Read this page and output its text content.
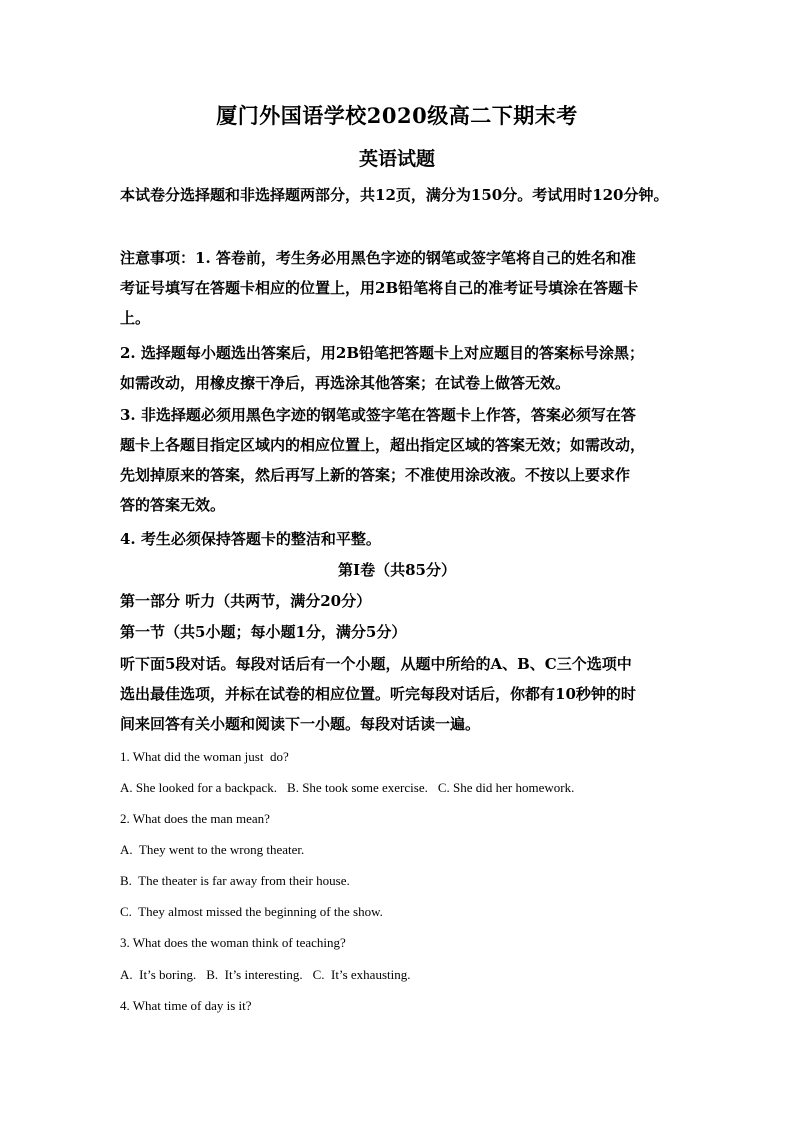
厦门外国语学校2020级高二下期末考
英语试题
本试卷分选择题和非选择题两部分，共12页，满分为150分。考试用时120分钟。
注意事项：1. 答卷前，考生务必用黑色字迹的钢笔或签字笔将自己的姓名和准
考证号填写在答题卡相应的位置上，用2B铅笔将自己的准考证号填涂在答题卡
上。
2. 选择题每小题选出答案后，用2B铅笔把答题卡上对应题目的答案标号涂黑；
如需改动，用橡皮擦干净后，再选涂其他答案；在试卷上做答无效。
3. 非选择题必须用黑色字迹的钢笔或签字笔在答题卡上作答，答案必须写在答
题卡上各题目指定区域内的相应位置上，超出指定区域的答案无效；如需改动，
先划掉原来的答案，然后再写上新的答案；不准使用涂改液。不按以上要求作
答的答案无效。
4. 考生必须保持答题卡的整洁和平整。
第I卷（共85分）
第一部分 听力（共两节，满分20分）
第一节（共5小题；每小题1分，满分5分）
听下面5段对话。每段对话后有一个小题，从题中所给的A、B、C三个选项中
选出最佳选项，并标在试卷的相应位置。听完每段对话后，你都有10秒钟的时
间来回答有关小题和阅读下一小题。每段对话读一遍。
1. What did the woman just  do?
A. She looked for a backpack. B. She took some exercise. C. She did her homework.
2. What does the man mean?
A.  They went to the wrong theater.
B.  The theater is far away from their house.
C.  They almost missed the beginning of the show.
3. What does the woman think of teaching?
A.  It’s boring. B.  It’s interesting. C.  It’s exhausting.
4. What time of day is it?
